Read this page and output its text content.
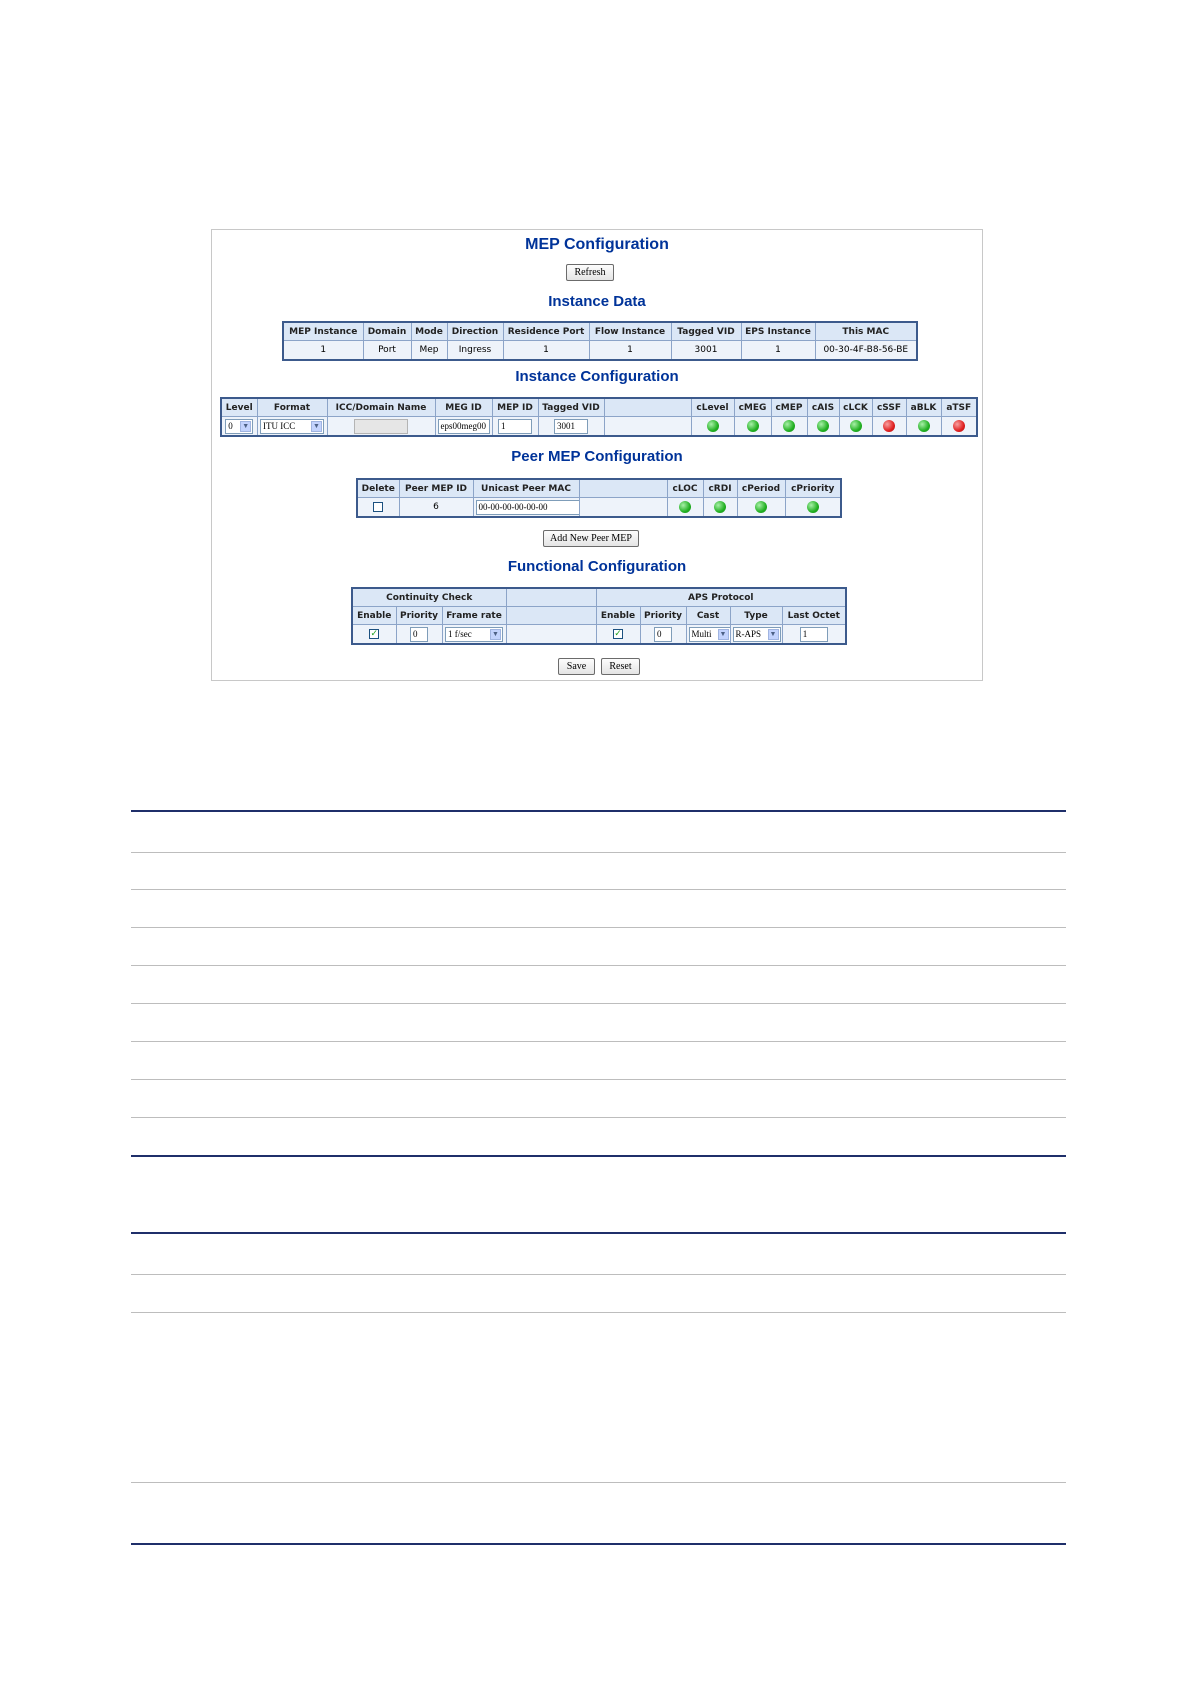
MEP Configuration
Refresh
Instance Data
MEP Instance	Domain	Mode	Direction	Residence Port	Flow Instance	Tagged VID	EPS Instance	This MAC
1	Port	Mep	Ingress	1	1	3001	1	00-30-4F-B8-56-BE
Instance Configuration
Level	Format	ICC/Domain Name	MEG ID	MEP ID	Tagged VID		cLevel	cMEG	cMEP	cAIS	cLCK	cSSF	aBLK	aTSF
0 ▼	ITU ICC ▼		eps00meg00	1	3001									
Peer MEP Configuration
Delete	Peer MEP ID	Unicast Peer MAC		cLOC	cRDI	cPeriod	cPriority
	6	00-00-00-00-00-00					
Add New Peer MEP
Functional Configuration
Continuity Check				APS Protocol				
Enable	Priority	Frame rate		Enable	Priority	Cast	Type	Last Octet
✓	0	1 f/sec ▼		✓	0	Multi ▼	R-APS ▼	1
Save	Reset
